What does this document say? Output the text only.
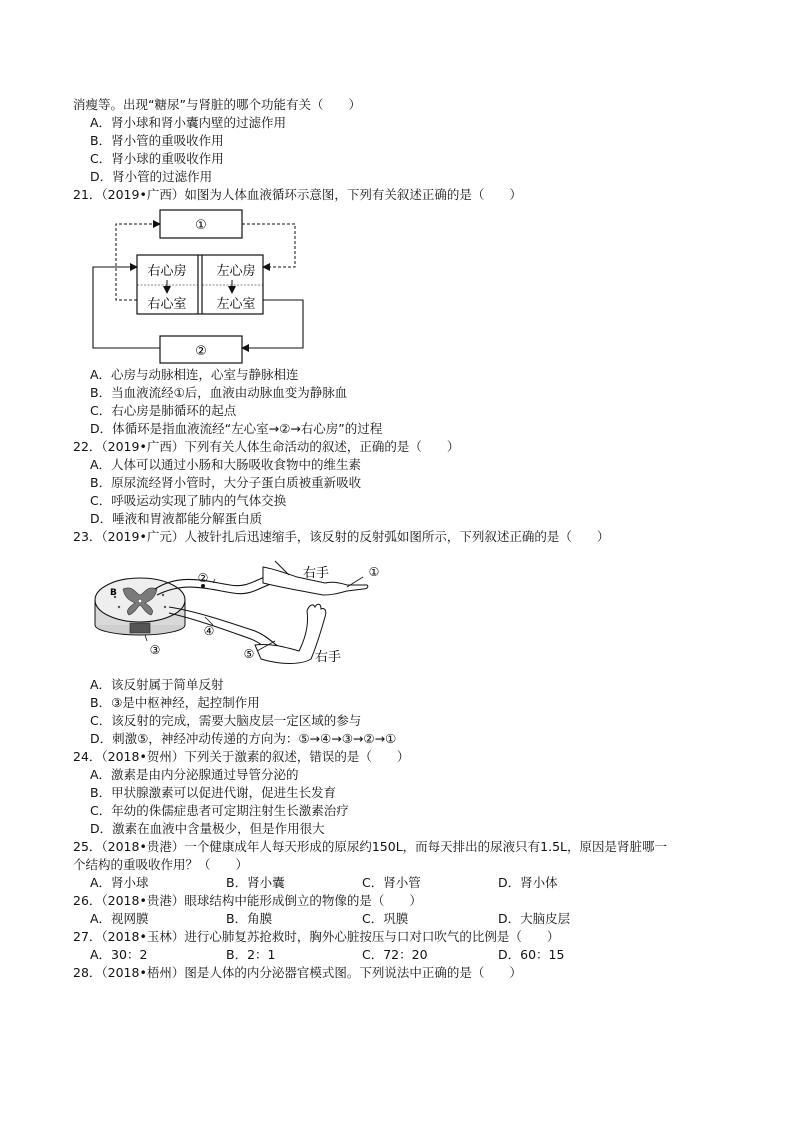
消瘦等。出现“糖尿”与肾脏的哪个功能有关（　　）
A．肾小球和肾小囊内壁的过滤作用
B．肾小管的重吸收作用
C．肾小球的重吸收作用
D．肾小管的过滤作用
21．（2019•广西）如图为人体血液循环示意图，下列有关叙述正确的是（　　）
①
右心房 左心房
右心室 左心室
②
A．心房与动脉相连，心室与静脉相连
B．当血液流经①后，血液由动脉血变为静脉血
C．右心房是肺循环的起点
D．体循环是指血液流经“左心室→②→右心房”的过程
22．（2019•广西）下列有关人体生命活动的叙述，正确的是（　　）
A．人体可以通过小肠和大肠吸收食物中的维生素
B．原尿流经肾小管时，大分子蛋白质被重新吸收
C．呼吸运动实现了肺内的气体交换
D．唾液和胃液都能分解蛋白质
23．（2019•广元）人被针扎后迅速缩手，该反射的反射弧如图所示，下列叙述正确的是（　　）
B
②	①
④
③	⑤
右手
右手
A．该反射属于简单反射
B．③是中枢神经，起控制作用
C．该反射的完成，需要大脑皮层一定区域的参与
D．刺激⑤，神经冲动传递的方向为：⑤→④→③→②→①
24．（2018•贺州）下列关于激素的叙述，错误的是（　　）
A．激素是由内分泌腺通过导管分泌的
B．甲状腺激素可以促进代谢，促进生长发育
C．年幼的侏儒症患者可定期注射生长激素治疗
D．激素在血液中含量极少，但是作用很大
25．（2018•贵港）一个健康成年人每天形成的原尿约150L，而每天排出的尿液只有1.5L，原因是肾脏哪一
个结构的重吸收作用？（　　）
A．肾小球	B．肾小囊	C．肾小管	D．肾小体
26．（2018•贵港）眼球结构中能形成倒立的物像的是（　　）
A．视网膜	B．角膜	C．巩膜	D．大脑皮层
27．（2018•玉林）进行心肺复苏抢救时，胸外心脏按压与口对口吹气的比例是（　　）
A．30：2	B．2：1	C．72：20	D．60：15
28．（2018•梧州）图是人体的内分泌器官模式图。下列说法中正确的是（　　）
